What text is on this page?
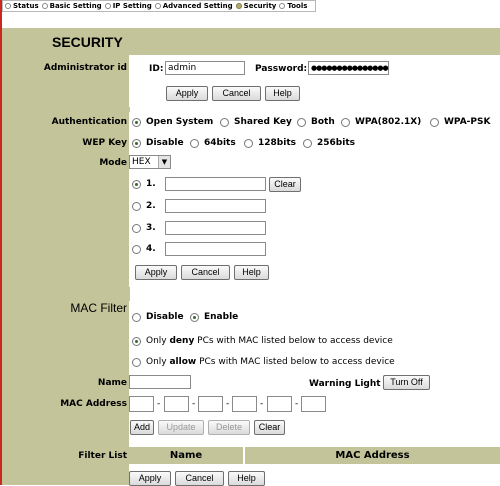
Status Basic Setting IP Setting Advanced Setting Security Tools
SECURITY
Administrator id ID: admin	Password: ●●●●●●●●●●●●●●●
Apply	Cancel	Help
Authentication Open System Shared Key Both WPA(802.1X)	WPA-PSK
WEP Key Disable 64bits 128bits 256bits
Mode HEX	▼
1.	Clear
2.
3.
4.
Apply	Cancel	Help
MAC Filter
Disable Enable
Only deny PCs with MAC listed below to access device
Only allow PCs with MAC listed below to access device
Name	Warning Light	Turn Off
MAC Address	-	-	-	-	-
Add	Update	Delete	Clear
Filter List	Name	MAC Address
Apply	Cancel	Help
